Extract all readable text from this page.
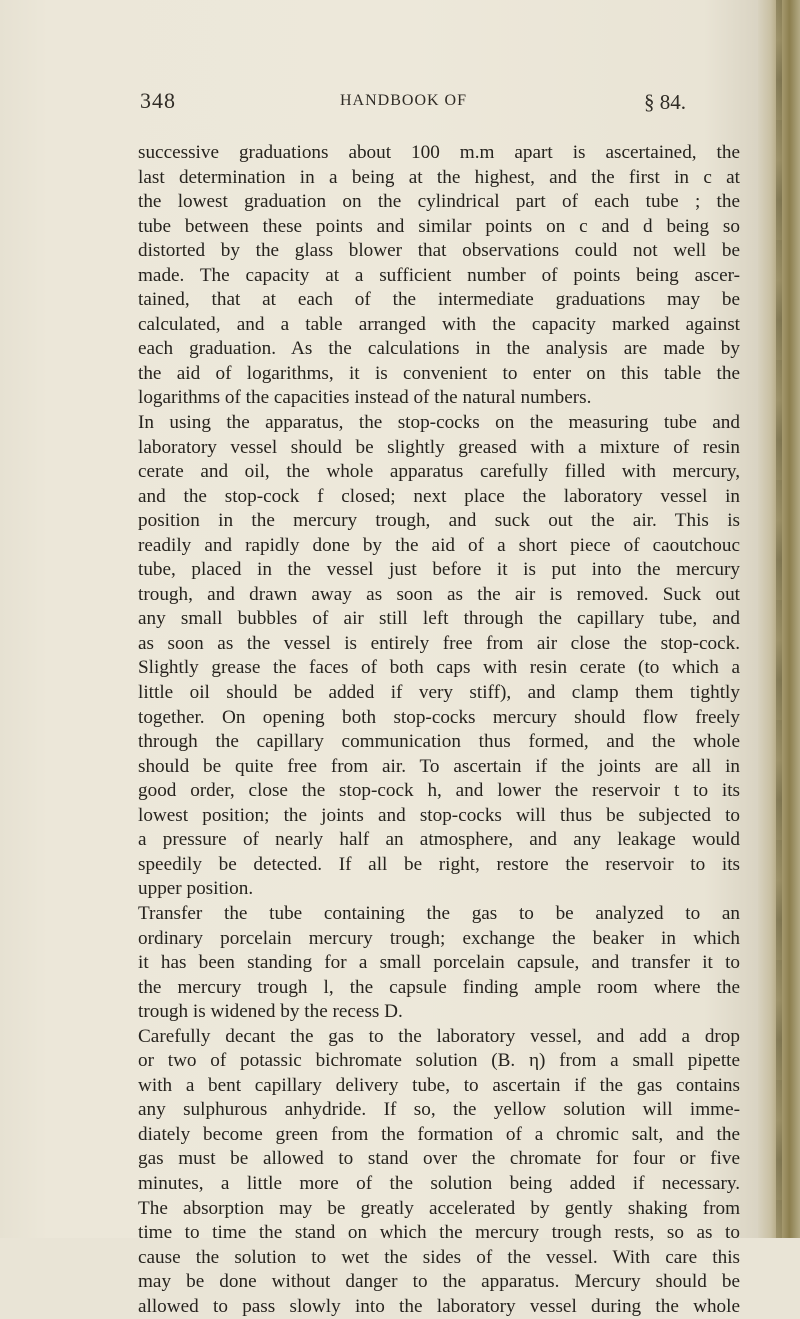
348	HANDBOOK OF	§ 84.
successive graduations about 100 m.m apart is ascertained, the
last determination in a being at the highest, and the first in c at
the lowest graduation on the cylindrical part of each tube ; the
tube between these points and similar points on c and d being so
distorted by the glass blower that observations could not well be
made. The capacity at a sufficient number of points being ascer-
tained, that at each of the intermediate graduations may be
calculated, and a table arranged with the capacity marked against
each graduation. As the calculations in the analysis are made by
the aid of logarithms, it is convenient to enter on this table the
logarithms of the capacities instead of the natural numbers.
In using the apparatus, the stop-cocks on the measuring tube and
laboratory vessel should be slightly greased with a mixture of resin
cerate and oil, the whole apparatus carefully filled with mercury,
and the stop-cock f closed; next place the laboratory vessel in
position in the mercury trough, and suck out the air. This is
readily and rapidly done by the aid of a short piece of caoutchouc
tube, placed in the vessel just before it is put into the mercury
trough, and drawn away as soon as the air is removed. Suck out
any small bubbles of air still left through the capillary tube, and
as soon as the vessel is entirely free from air close the stop-cock.
Slightly grease the faces of both caps with resin cerate (to which a
little oil should be added if very stiff), and clamp them tightly
together. On opening both stop-cocks mercury should flow freely
through the capillary communication thus formed, and the whole
should be quite free from air. To ascertain if the joints are all in
good order, close the stop-cock h, and lower the reservoir t to its
lowest position; the joints and stop-cocks will thus be subjected to
a pressure of nearly half an atmosphere, and any leakage would
speedily be detected. If all be right, restore the reservoir to its
upper position.
Transfer the tube containing the gas to be analyzed to an
ordinary porcelain mercury trough; exchange the beaker in which
it has been standing for a small porcelain capsule, and transfer it to
the mercury trough l, the capsule finding ample room where the
trough is widened by the recess D.
Carefully decant the gas to the laboratory vessel, and add a drop
or two of potassic bichromate solution (B. η) from a small pipette
with a bent capillary delivery tube, to ascertain if the gas contains
any sulphurous anhydride. If so, the yellow solution will imme-
diately become green from the formation of a chromic salt, and the
gas must be allowed to stand over the chromate for four or five
minutes, a little more of the solution being added if necessary.
The absorption may be greatly accelerated by gently shaking from
time to time the stand on which the mercury trough rests, so as to
cause the solution to wet the sides of the vessel. With care this
may be done without danger to the apparatus. Mercury should be
allowed to pass slowly into the laboratory vessel during the whole
